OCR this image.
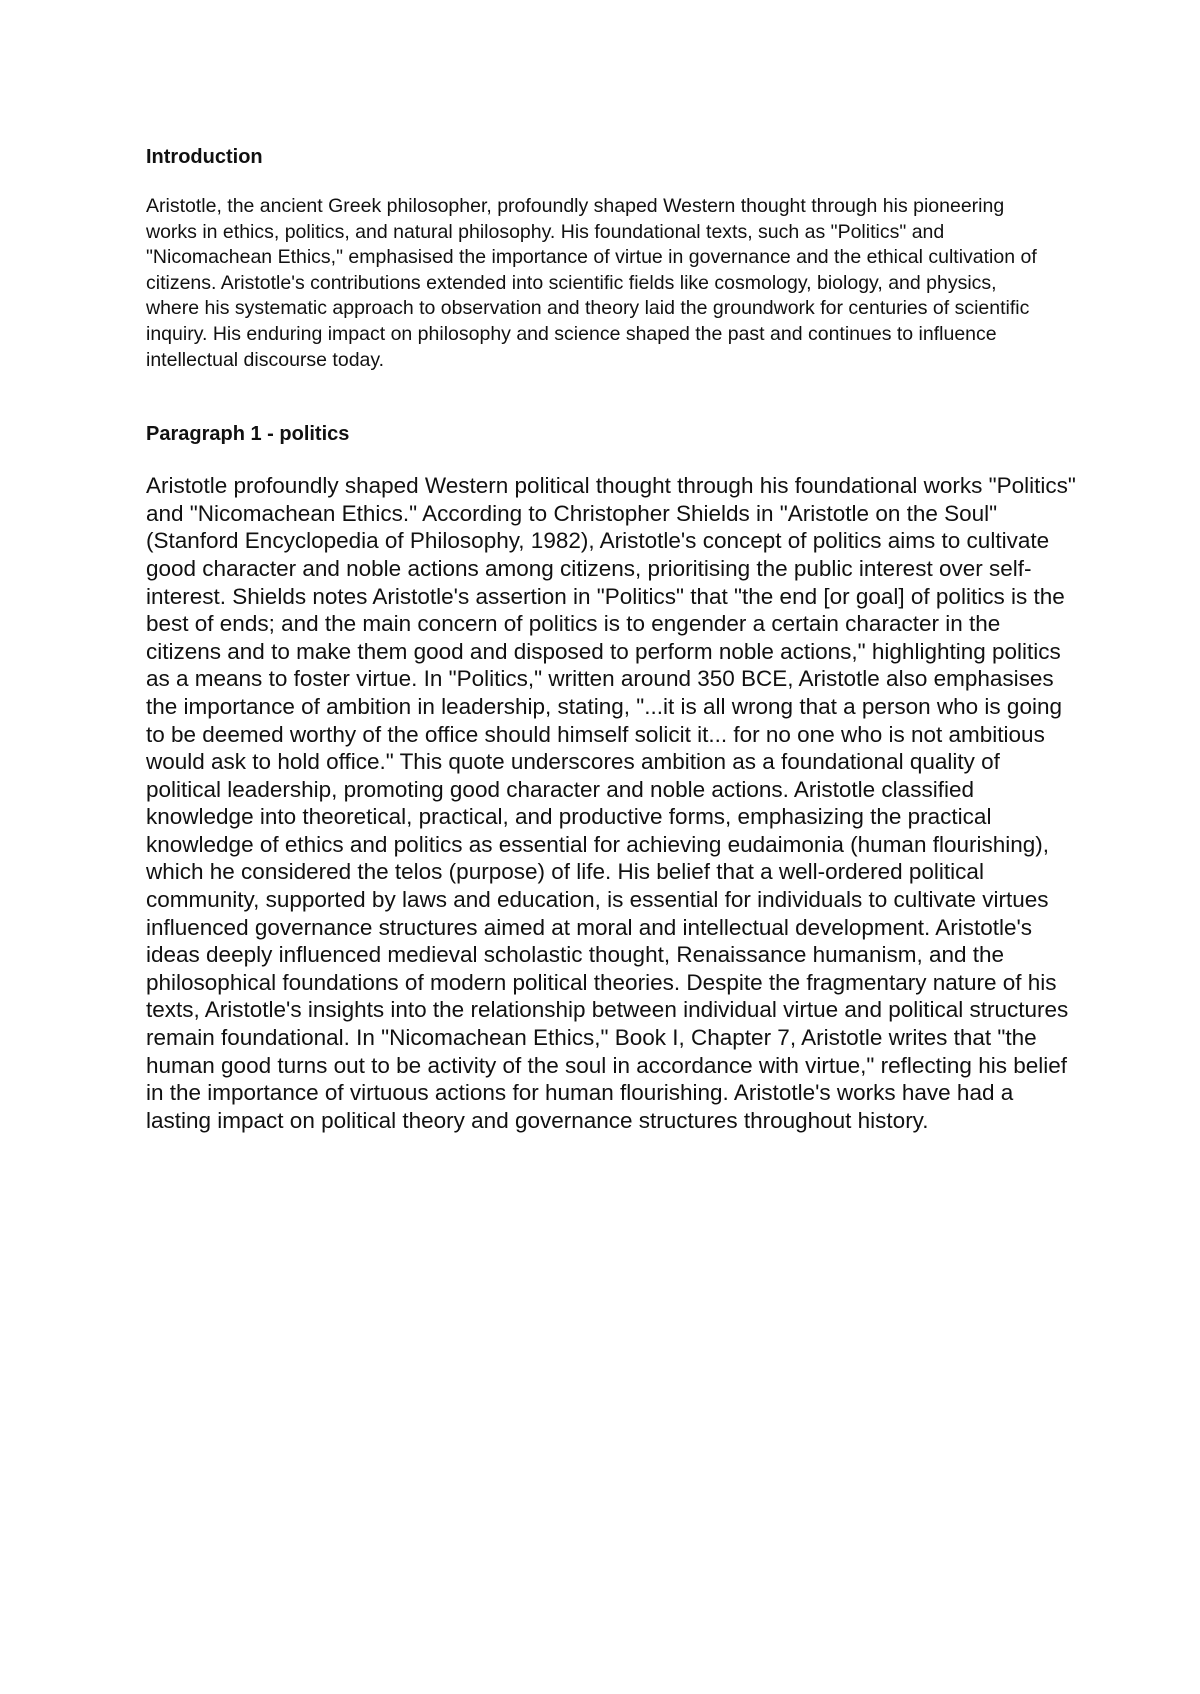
Introduction

Aristotle, the ancient Greek philosopher, profoundly shaped Western thought through his pioneering works in ethics, politics, and natural philosophy. His foundational texts, such as "Politics" and "Nicomachean Ethics," emphasised the importance of virtue in governance and the ethical cultivation of citizens. Aristotle's contributions extended into scientific fields like cosmology, biology, and physics, where his systematic approach to observation and theory laid the groundwork for centuries of scientific inquiry. His enduring impact on philosophy and science shaped the past and continues to influence intellectual discourse today.

Paragraph 1 - politics

Aristotle profoundly shaped Western political thought through his foundational works "Politics" and "Nicomachean Ethics." According to Christopher Shields in "Aristotle on the Soul" (Stanford Encyclopedia of Philosophy, 1982), Aristotle's concept of politics aims to cultivate good character and noble actions among citizens, prioritising the public interest over self-interest. Shields notes Aristotle's assertion in "Politics" that "the end [or goal] of politics is the best of ends; and the main concern of politics is to engender a certain character in the citizens and to make them good and disposed to perform noble actions," highlighting politics as a means to foster virtue. In "Politics," written around 350 BCE, Aristotle also emphasises the importance of ambition in leadership, stating, "...it is all wrong that a person who is going to be deemed worthy of the office should himself solicit it... for no one who is not ambitious would ask to hold office." This quote underscores ambition as a foundational quality of political leadership, promoting good character and noble actions. Aristotle classified knowledge into theoretical, practical, and productive forms, emphasizing the practical knowledge of ethics and politics as essential for achieving eudaimonia (human flourishing), which he considered the telos (purpose) of life. His belief that a well-ordered political community, supported by laws and education, is essential for individuals to cultivate virtues influenced governance structures aimed at moral and intellectual development. Aristotle's ideas deeply influenced medieval scholastic thought, Renaissance humanism, and the philosophical foundations of modern political theories. Despite the fragmentary nature of his texts, Aristotle's insights into the relationship between individual virtue and political structures remain foundational. In "Nicomachean Ethics," Book I, Chapter 7, Aristotle writes that "the human good turns out to be activity of the soul in accordance with virtue," reflecting his belief in the importance of virtuous actions for human flourishing. Aristotle's works have had a lasting impact on political theory and governance structures throughout history.
